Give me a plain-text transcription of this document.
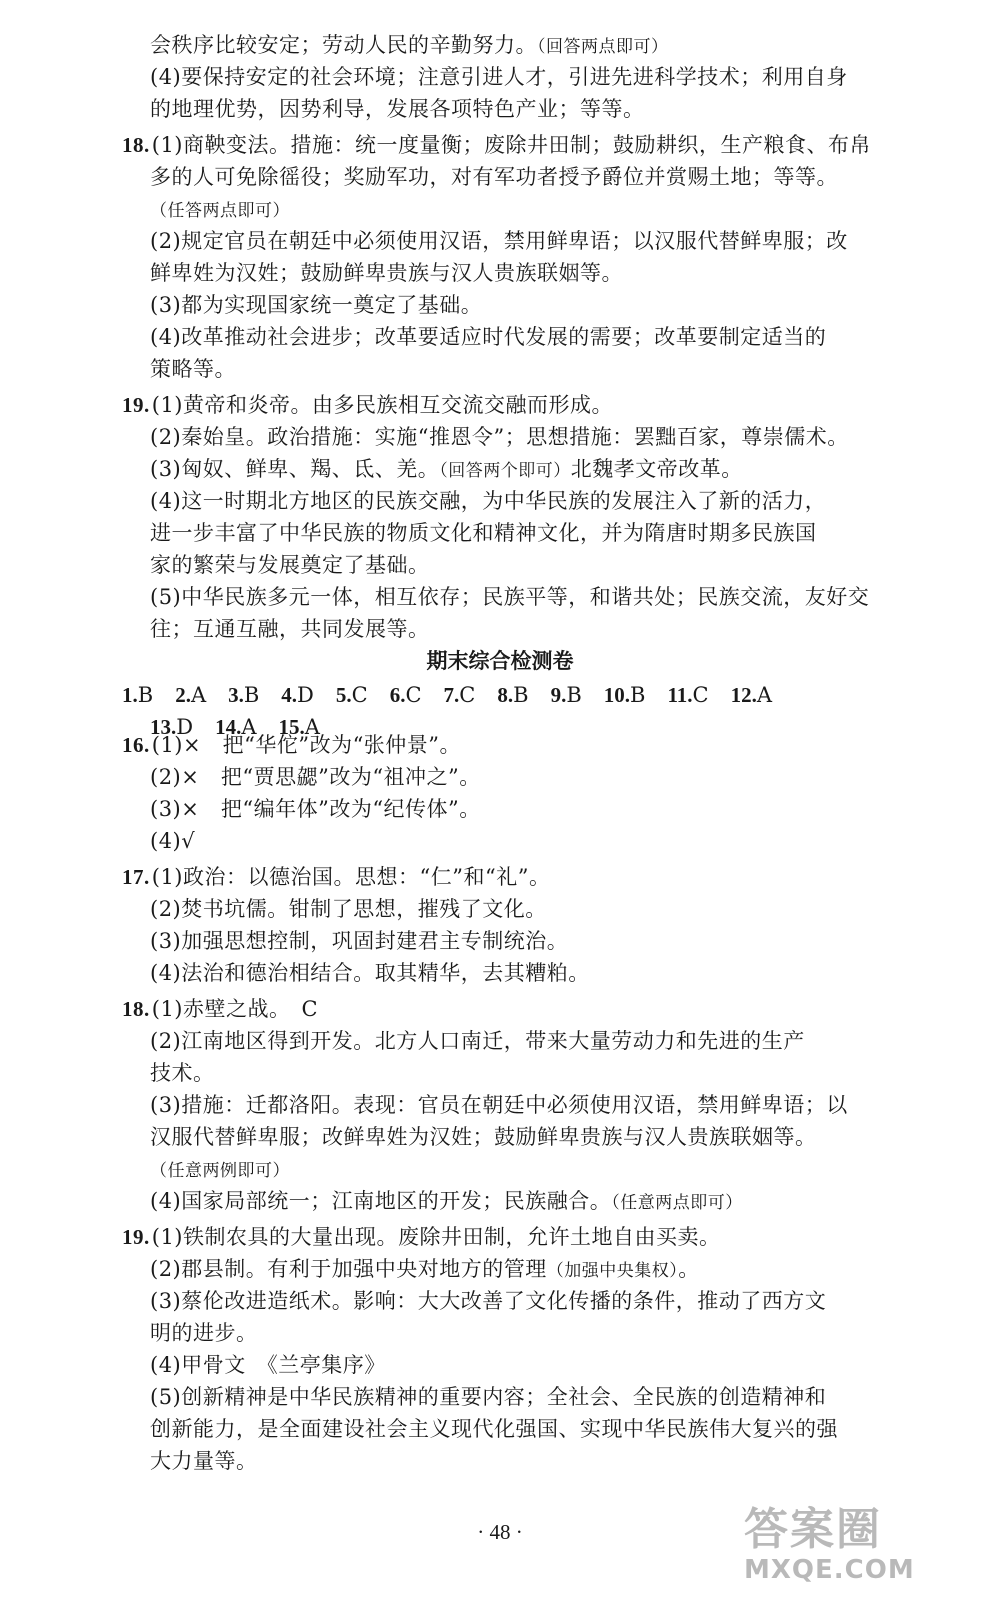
会秩序比较安定；劳动人民的辛勤努力。（回答两点即可）
(4)要保持安定的社会环境；注意引进人才，引进先进科学技术；利用自身
的地理优势，因势利导，发展各项特色产业；等等。
18.(1)商鞅变法。措施：统一度量衡；废除井田制；鼓励耕织，生产粮食、布帛
多的人可免除徭役；奖励军功，对有军功者授予爵位并赏赐土地；等等。
（任答两点即可）
(2)规定官员在朝廷中必须使用汉语，禁用鲜卑语；以汉服代替鲜卑服；改
鲜卑姓为汉姓；鼓励鲜卑贵族与汉人贵族联姻等。
(3)都为实现国家统一奠定了基础。
(4)改革推动社会进步；改革要适应时代发展的需要；改革要制定适当的
策略等。
19.(1)黄帝和炎帝。由多民族相互交流交融而形成。
(2)秦始皇。政治措施：实施“推恩令”；思想措施：罢黜百家，尊崇儒术。
(3)匈奴、鲜卑、羯、氐、羌。（回答两个即可）北魏孝文帝改革。
(4)这一时期北方地区的民族交融，为中华民族的发展注入了新的活力，
进一步丰富了中华民族的物质文化和精神文化，并为隋唐时期多民族国
家的繁荣与发展奠定了基础。
(5)中华民族多元一体，相互依存；民族平等，和谐共处；民族交流，友好交
往；互通互融，共同发展等。
16.(1)×　把“华佗”改为“张仲景”。
(2)×　把“贾思勰”改为“祖冲之”。
(3)×　把“编年体”改为“纪传体”。
(4)√
17.(1)政治：以德治国。思想：“仁”和“礼”。
(2)焚书坑儒。钳制了思想，摧残了文化。
(3)加强思想控制，巩固封建君主专制统治。
(4)法治和德治相结合。取其精华，去其糟粕。
18.(1)赤壁之战。　C
(2)江南地区得到开发。北方人口南迁，带来大量劳动力和先进的生产
技术。
(3)措施：迁都洛阳。表现：官员在朝廷中必须使用汉语，禁用鲜卑语；以
汉服代替鲜卑服；改鲜卑姓为汉姓；鼓励鲜卑贵族与汉人贵族联姻等。
（任意两例即可）
(4)国家局部统一；江南地区的开发；民族融合。（任意两点即可）
19.(1)铁制农具的大量出现。废除井田制，允许土地自由买卖。
(2)郡县制。有利于加强中央对地方的管理（加强中央集权）。
(3)蔡伦改进造纸术。影响：大大改善了文化传播的条件，推动了西方文
明的进步。
(4)甲骨文　《兰亭集序》
(5)创新精神是中华民族精神的重要内容；全社会、全民族的创造精神和
创新能力，是全面建设社会主义现代化强国、实现中华民族伟大复兴的强
大力量等。
期末综合检测卷
1.B 2.A 3.B 4.D 5.C 6.C 7.C 8.B 9.B 10.B 11.C 12.A
13.D 14.A 15.A
· 48 ·	答案圈
MXQE.COM
